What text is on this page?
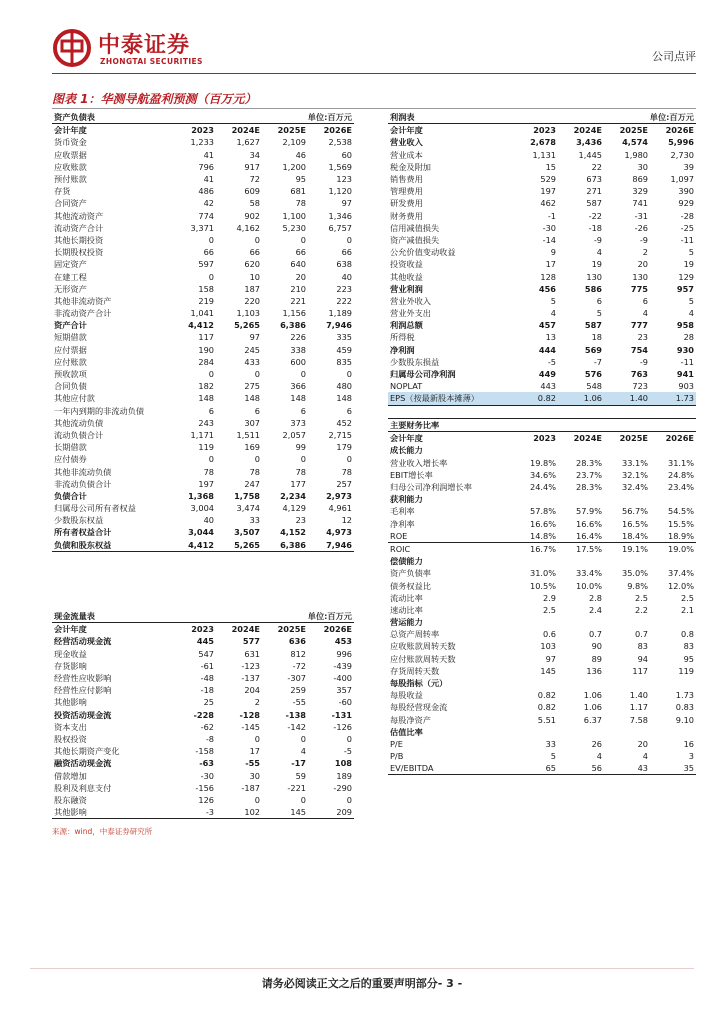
中泰证券
ZHONGTAI SECURITIES	公司点评
图表 1：华测导航盈利预测（百万元）
资产负债表			单位:百万元	
会计年度	2023	2024E	2025E	2026E
货币资金	1,233	1,627	2,109	2,538
应收票据	41	34	46	60
应收账款	796	917	1,200	1,569
预付账款	41	72	95	123
存货	486	609	681	1,120
合同资产	42	58	78	97
其他流动资产	774	902	1,100	1,346
流动资产合计	3,371	4,162	5,230	6,757
其他长期投资	0	0	0	0
长期股权投资	66	66	66	66
固定资产	597	620	640	638
在建工程	0	10	20	40
无形资产	158	187	210	223
其他非流动资产	219	220	221	222
非流动资产合计	1,041	1,103	1,156	1,189
资产合计	4,412	5,265	6,386	7,946
短期借款	117	97	226	335
应付票据	190	245	338	459
应付账款	284	433	600	835
预收款项	0	0	0	0
合同负债	182	275	366	480
其他应付款	148	148	148	148
一年内到期的非流动负债	6	6	6	6
其他流动负债	243	307	373	452
流动负债合计	1,171	1,511	2,057	2,715
长期借款	119	169	99	179
应付债券	0	0	0	0
其他非流动负债	78	78	78	78
非流动负债合计	197	247	177	257
负债合计	1,368	1,758	2,234	2,973
归属母公司所有者权益	3,004	3,474	4,129	4,961
少数股东权益	40	33	23	12
所有者权益合计	3,044	3,507	4,152	4,973
负债和股东权益	4,412	5,265	6,386	7,946
现金流量表			单位:百万元	
会计年度	2023	2024E	2025E	2026E
经营活动现金流	445	577	636	453
现金收益	547	631	812	996
存货影响	-61	-123	-72	-439
经营性应收影响	-48	-137	-307	-400
经营性应付影响	-18	204	259	357
其他影响	25	2	-55	-60
投资活动现金流	-228	-128	-138	-131
资本支出	-62	-145	-142	-126
股权投资	-8	0	0	0
其他长期资产变化	-158	17	4	-5
融资活动现金流	-63	-55	-17	108
借款增加	-30	30	59	189
股利及利息支付	-156	-187	-221	-290
股东融资	126	0	0	0
其他影响	-3	102	145	209
利润表			单位:百万元	
会计年度	2023	2024E	2025E	2026E
营业收入	2,678	3,436	4,574	5,996
营业成本	1,131	1,445	1,980	2,730
税金及附加	15	22	30	39
销售费用	529	673	869	1,097
管理费用	197	271	329	390
研发费用	462	587	741	929
财务费用	-1	-22	-31	-28
信用减值损失	-30	-18	-26	-25
资产减值损失	-14	-9	-9	-11
公允价值变动收益	9	4	2	5
投资收益	17	19	20	19
其他收益	128	130	130	129
营业利润	456	586	775	957
营业外收入	5	6	6	5
营业外支出	4	5	4	4
利润总额	457	587	777	958
所得税	13	18	23	28
净利润	444	569	754	930
少数股东损益	-5	-7	-9	-11
归属母公司净利润	449	576	763	941
NOPLAT	443	548	723	903
EPS（按最新股本摊薄）	0.82	1.06	1.40	1.73
主要财务比率				
会计年度	2023	2024E	2025E	2026E
成长能力				
营业收入增长率	19.8%	28.3%	33.1%	31.1%
EBIT增长率	34.6%	23.7%	32.1%	24.8%
归母公司净利润增长率	24.4%	28.3%	32.4%	23.4%
获利能力				
毛利率	57.8%	57.9%	56.7%	54.5%
净利率	16.6%	16.6%	16.5%	15.5%
ROE	14.8%	16.4%	18.4%	18.9%
ROIC	16.7%	17.5%	19.1%	19.0%
偿债能力				
资产负债率	31.0%	33.4%	35.0%	37.4%
债务权益比	10.5%	10.0%	9.8%	12.0%
流动比率	2.9	2.8	2.5	2.5
速动比率	2.5	2.4	2.2	2.1
营运能力				
总资产周转率	0.6	0.7	0.7	0.8
应收账款周转天数	103	90	83	83
应付账款周转天数	97	89	94	95
存货周转天数	145	136	117	119
每股指标（元）				
每股收益	0.82	1.06	1.40	1.73
每股经营现金流	0.82	1.06	1.17	0.83
每股净资产	5.51	6.37	7.58	9.10
估值比率				
P/E	33	26	20	16
P/B	5	4	4	3
EV/EBITDA	65	56	43	35
来源：wind，中泰证券研究所
请务必阅读正文之后的重要声明部分- 3 -
